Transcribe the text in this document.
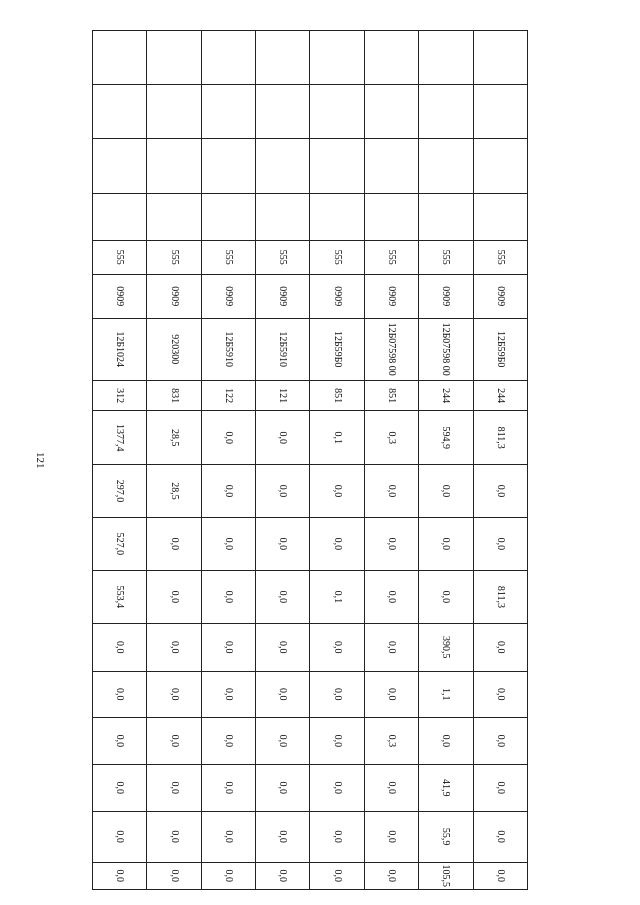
121
				555	0909	12Б59Б0	244	811,3	0,0	0,0	811,3	0,0	0,0	0,0	0,0	0,0	0,0
				555	0909	12Б07598 00	244	594,9	0,0	0,0	0,0	390,5	1,1	0,0	41,9	55,9	105,5
				555	0909	12Б07598 00	851	0,3	0,0	0,0	0,0	0,0	0,0	0,3	0,0	0,0	0,0
				555	0909	12Б59Б0	851	0,1	0,0	0,0	0,1	0,0	0,0	0,0	0,0	0,0	0,0
				555	0909	12Б5910	121	0,0	0,0	0,0	0,0	0,0	0,0	0,0	0,0	0,0	0,0
				555	0909	12Б5910	122	0,0	0,0	0,0	0,0	0,0	0,0	0,0	0,0	0,0	0,0
				555	0909	920300	831	28,5	28,5	0,0	0,0	0,0	0,0	0,0	0,0	0,0	0,0
				555	0909	12Б1024	312	1377,4	297,0	527,0	553,4	0,0	0,0	0,0	0,0	0,0	0,0
